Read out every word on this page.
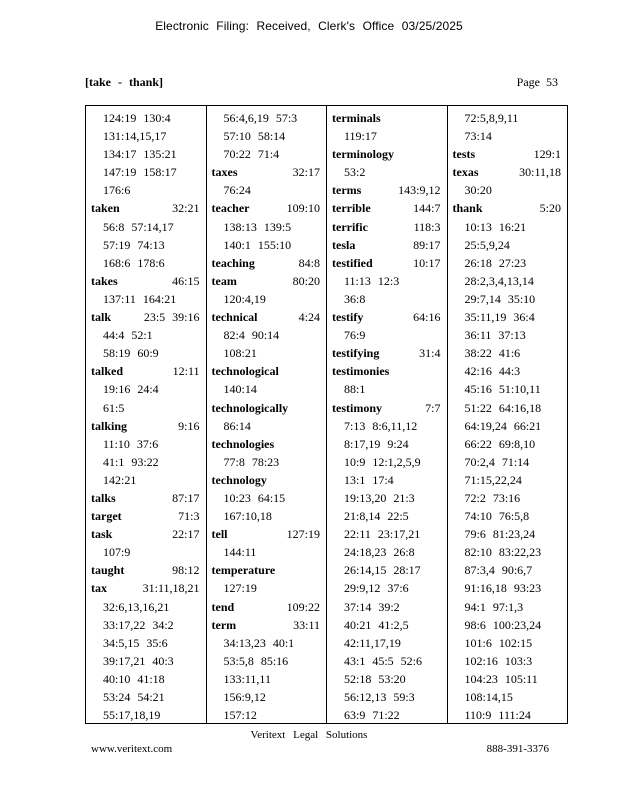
Electronic Filing: Received, Clerk's Office 03/25/2025
[take - thank]	Page 53
124:19 130:4
131:14,15,17
134:17 135:21
147:19 158:17
176:6
32:21
taken
56:8 57:14,17
57:19 74:13
168:6 178:6
46:15
takes
137:11 164:21
23:5 39:16
talk
44:4 52:1
58:19 60:9
12:11
talked
19:16 24:4
61:5
9:16
talking
11:10 37:6
41:1 93:22
142:21
87:17
talks
71:3
target
22:17
task
107:9
98:12
taught
31:11,18,21
tax
32:6,13,16,21
33:17,22 34:2
34:5,15 35:6
39:17,21 40:3
40:10 41:18
53:24 54:21
55:17,18,19
56:4,6,19 57:3
57:10 58:14
70:22 71:4
32:17
taxes
76:24
109:10
teacher
138:13 139:5
140:1 155:10
84:8
teaching
80:20
team
120:4,19
4:24
technical
82:4 90:14
108:21
technological
140:14
technologically
86:14
technologies
77:8 78:23
technology
10:23 64:15
167:10,18
127:19
tell
144:11
temperature
127:19
109:22
tend
33:11
term
34:13,23 40:1
53:5,8 85:16
133:11,11
156:9,12
157:12
terminals
119:17
terminology
53:2
143:9,12
terms
144:7
terrible
118:3
terrific
89:17
tesla
10:17
testified
11:13 12:3
36:8
64:16
testify
76:9
31:4
testifying
testimonies
88:1
7:7
testimony
7:13 8:6,11,12
8:17,19 9:24
10:9 12:1,2,5,9
13:1 17:4
19:13,20 21:3
21:8,14 22:5
22:11 23:17,21
24:18,23 26:8
26:14,15 28:17
29:9,12 37:6
37:14 39:2
40:21 41:2,5
42:11,17,19
43:1 45:5 52:6
52:18 53:20
56:12,13 59:3
63:9 71:22
72:5,8,9,11
73:14
129:1
tests
30:11,18
texas
30:20
5:20
thank
10:13 16:21
25:5,9,24
26:18 27:23
28:2,3,4,13,14
29:7,14 35:10
35:11,19 36:4
36:11 37:13
38:22 41:6
42:16 44:3
45:16 51:10,11
51:22 64:16,18
64:19,24 66:21
66:22 69:8,10
70:2,4 71:14
71:15,22,24
72:2 73:16
74:10 76:5,8
79:6 81:23,24
82:10 83:22,23
87:3,4 90:6,7
91:16,18 93:23
94:1 97:1,3
98:6 100:23,24
101:6 102:15
102:16 103:3
104:23 105:11
108:14,15
110:9 111:24
Veritext Legal Solutions
www.veritext.com	888-391-3376
